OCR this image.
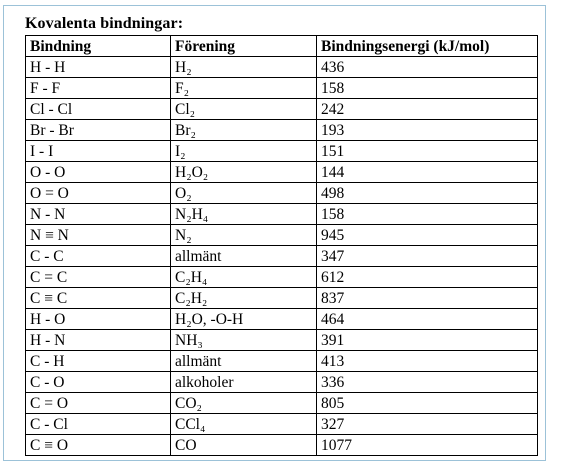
Kovalenta bindningar:
Bindning	Förening	Bindningsenergi (kJ/mol)
H - H	H₂	436
F - F	F₂	158
Cl - Cl	Cl₂	242
Br - Br	Br₂	193
I - I	I₂	151
O - O	H₂O₂	144
O = O	O₂	498
N - N	N₂H₄	158
N ≡ N	N₂	945
C - C	allmänt	347
C = C	C₂H₄	612
C ≡ C	C₂H₂	837
H - O	H₂O, -O-H	464
H - N	NH₃	391
C - H	allmänt	413
C - O	alkoholer	336
C = O	CO₂	805
C - Cl	CCl₄	327
C ≡ O	CO	1077
